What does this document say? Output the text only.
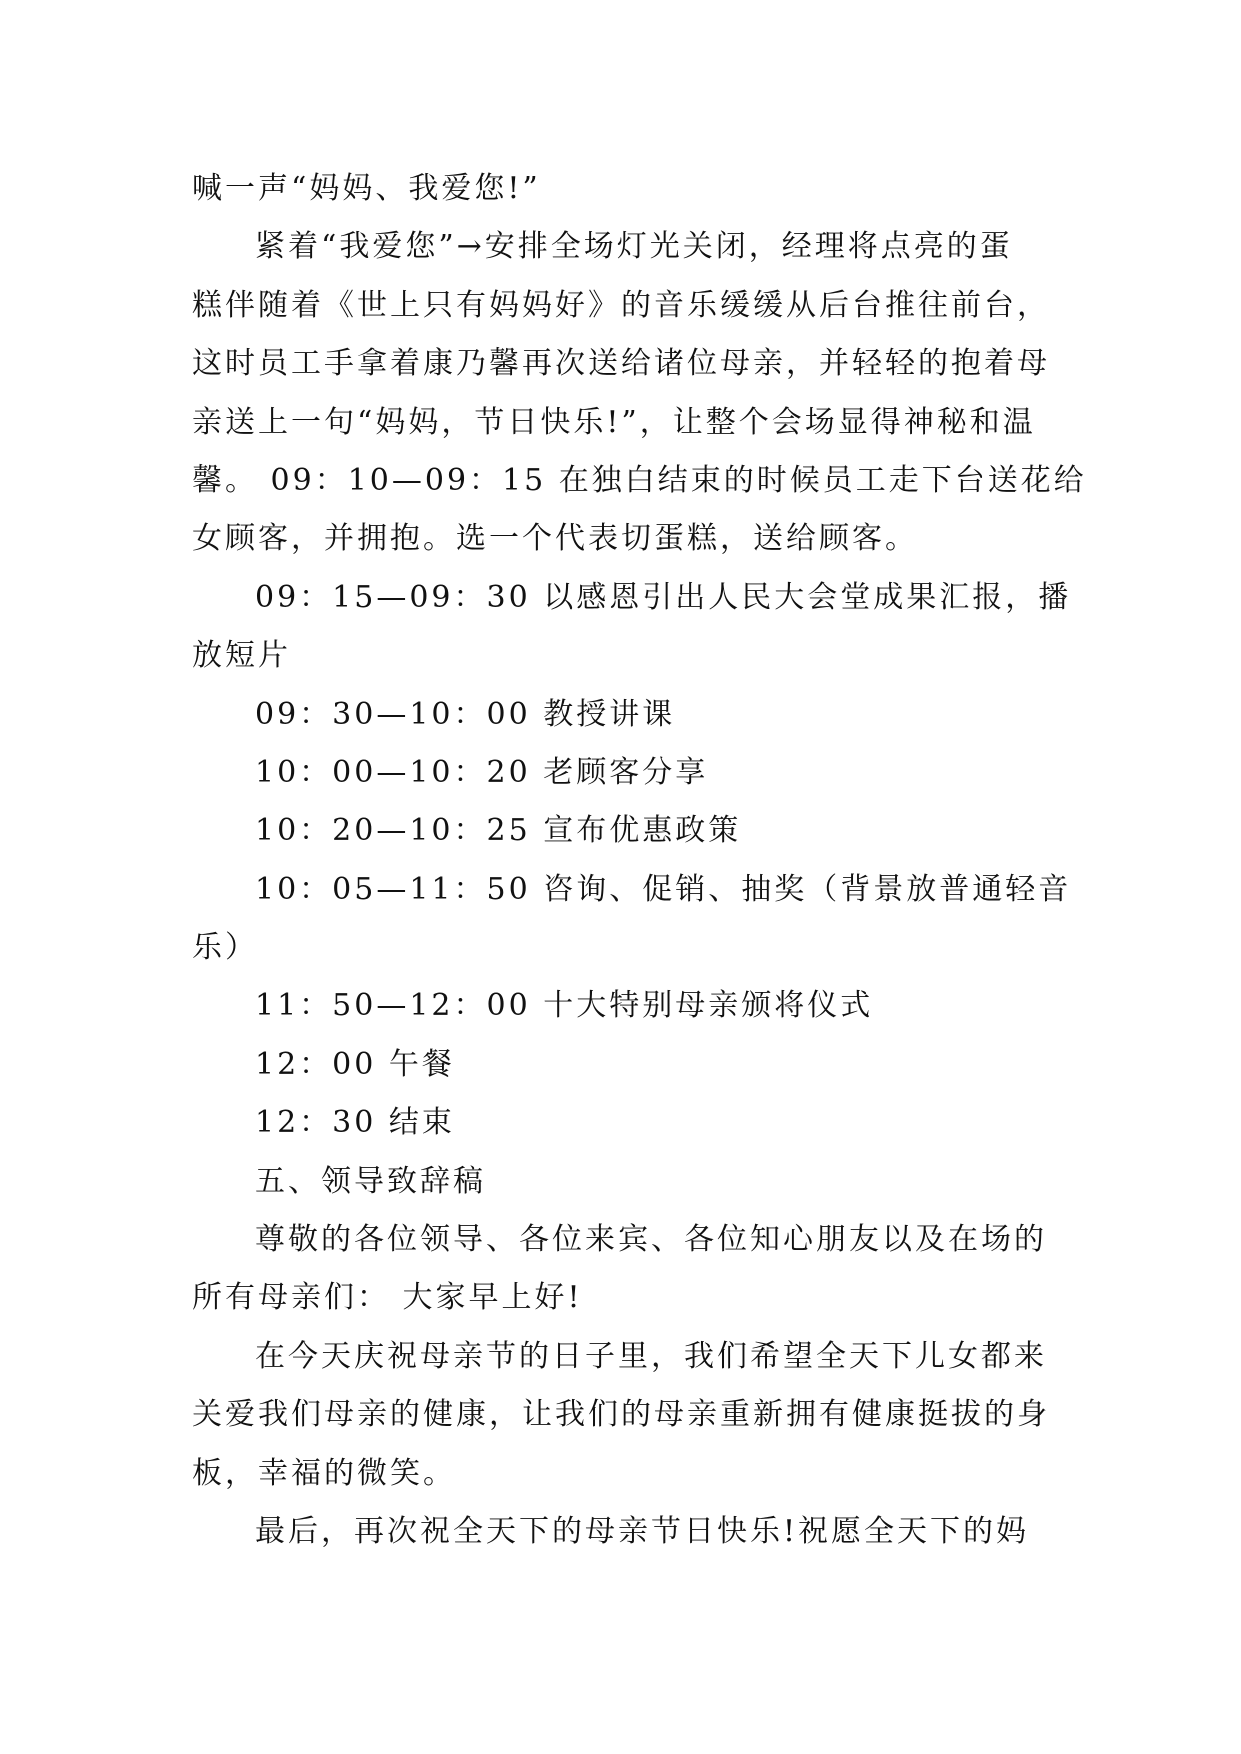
喊一声“妈妈、我爱您!”
紧着“我爱您”→安排全场灯光关闭，经理将点亮的蛋
糕伴随着《世上只有妈妈好》的音乐缓缓从后台推往前台，
这时员工手拿着康乃馨再次送给诸位母亲，并轻轻的抱着母
亲送上一句“妈妈，节日快乐!”，让整个会场显得神秘和温
馨。 09：10—09：15 在独白结束的时候员工走下台送花给
女顾客，并拥抱。选一个代表切蛋糕，送给顾客。
09：15—09：30 以感恩引出人民大会堂成果汇报，播
放短片
09：30—10：00 教授讲课
10：00—10：20 老顾客分享
10：20—10：25 宣布优惠政策
10：05—11：50 咨询、促销、抽奖（背景放普通轻音
乐）
11：50—12：00 十大特别母亲颁将仪式
12：00 午餐
12：30 结束
五、领导致辞稿
尊敬的各位领导、各位来宾、各位知心朋友以及在场的
所有母亲们： 大家早上好!
在今天庆祝母亲节的日子里，我们希望全天下儿女都来
关爱我们母亲的健康，让我们的母亲重新拥有健康挺拔的身
板，幸福的微笑。
最后，再次祝全天下的母亲节日快乐!祝愿全天下的妈
